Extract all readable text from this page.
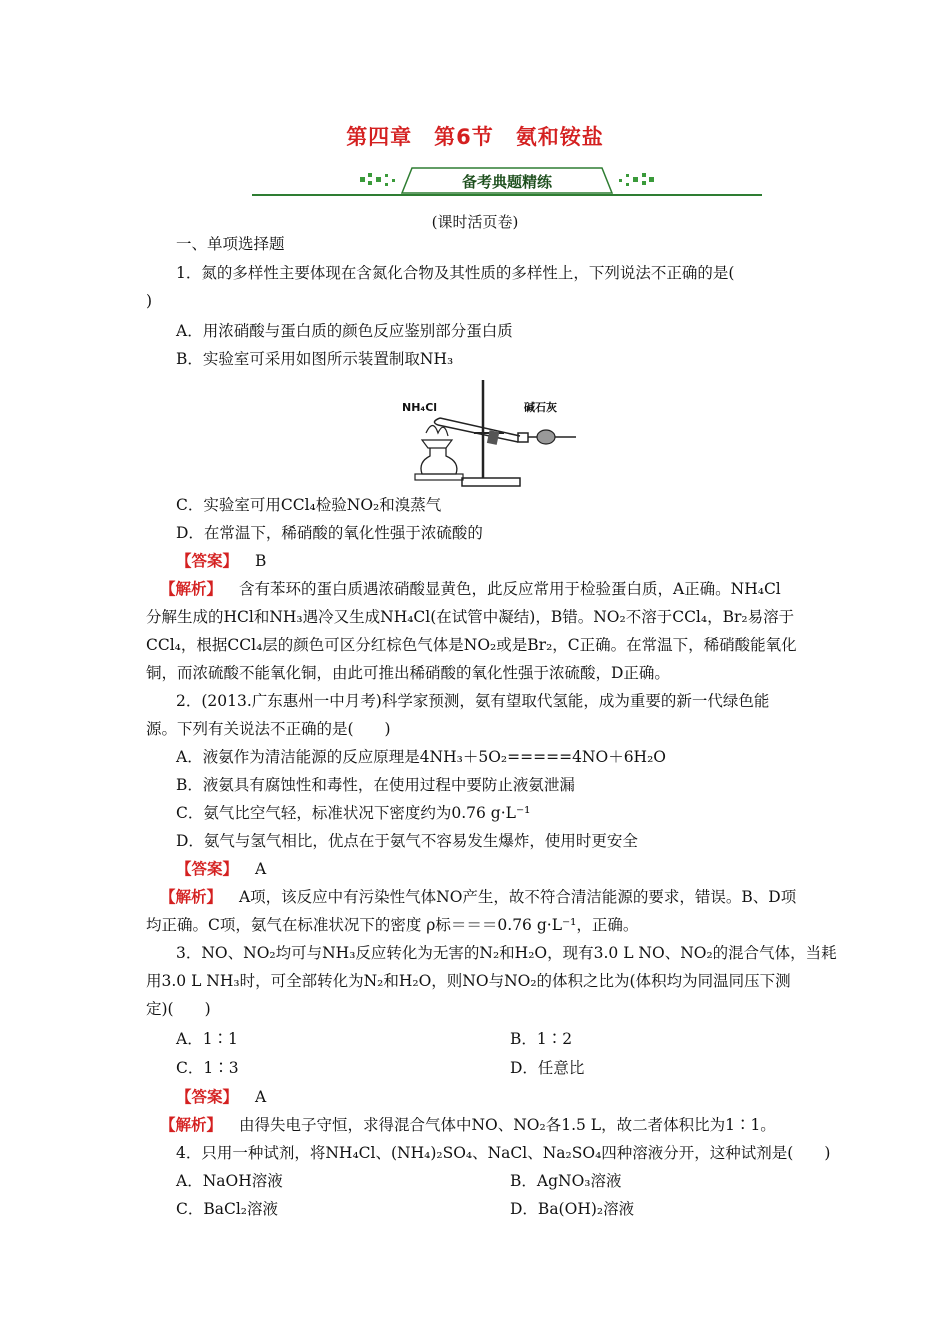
第四章　第6节　氨和铵盐
备考典题精练
(课时活页卷)
一、单项选择题
1．氮的多样性主要体现在含氮化合物及其性质的多样性上，下列说法不正确的是(
)
A．用浓硝酸与蛋白质的颜色反应鉴别部分蛋白质
B．实验室可采用如图所示装置制取NH₃
NH₄Cl	碱石灰
C．实验室可用CCl₄检验NO₂和溴蒸气
D．在常温下，稀硝酸的氧化性强于浓硫酸的
【答案】 B
【解析】 含有苯环的蛋白质遇浓硝酸显黄色，此反应常用于检验蛋白质，A正确。NH₄Cl
分解生成的HCl和NH₃遇冷又生成NH₄Cl(在试管中凝结)，B错。NO₂不溶于CCl₄，Br₂易溶于
CCl₄，根据CCl₄层的颜色可区分红棕色气体是NO₂或是Br₂，C正确。在常温下，稀硝酸能氧化
铜，而浓硫酸不能氧化铜，由此可推出稀硝酸的氧化性强于浓硫酸，D正确。
2．(2013.广东惠州一中月考)科学家预测，氨有望取代氢能，成为重要的新一代绿色能
源。下列有关说法不正确的是(　　)
A．液氨作为清洁能源的反应原理是4NH₃＋5O₂=====4NO＋6H₂O
B．液氨具有腐蚀性和毒性，在使用过程中要防止液氨泄漏
C．氨气比空气轻，标准状况下密度约为0.76 g·L⁻¹
D．氨气与氢气相比，优点在于氨气不容易发生爆炸，使用时更安全
【答案】 A
【解析】 A项，该反应中有污染性气体NO产生，故不符合清洁能源的要求，错误。B、D项
均正确。C项，氨气在标准状况下的密度 ρ标＝＝＝0.76 g·L⁻¹，正确。
3．NO、NO₂均可与NH₃反应转化为无害的N₂和H₂O，现有3.0 L NO、NO₂的混合气体，当耗
用3.0 L NH₃时，可全部转化为N₂和H₂O，则NO与NO₂的体积之比为(体积均为同温同压下测
定)(　　)
A．1∶1	B．1∶2
C．1∶3	D．任意比
【答案】 A
【解析】 由得失电子守恒，求得混合气体中NO、NO₂各1.5 L，故二者体积比为1∶1。
4．只用一种试剂，将NH₄Cl、(NH₄)₂SO₄、NaCl、Na₂SO₄四种溶液分开，这种试剂是(　　)
A．NaOH溶液	B．AgNO₃溶液
C．BaCl₂溶液	D．Ba(OH)₂溶液
